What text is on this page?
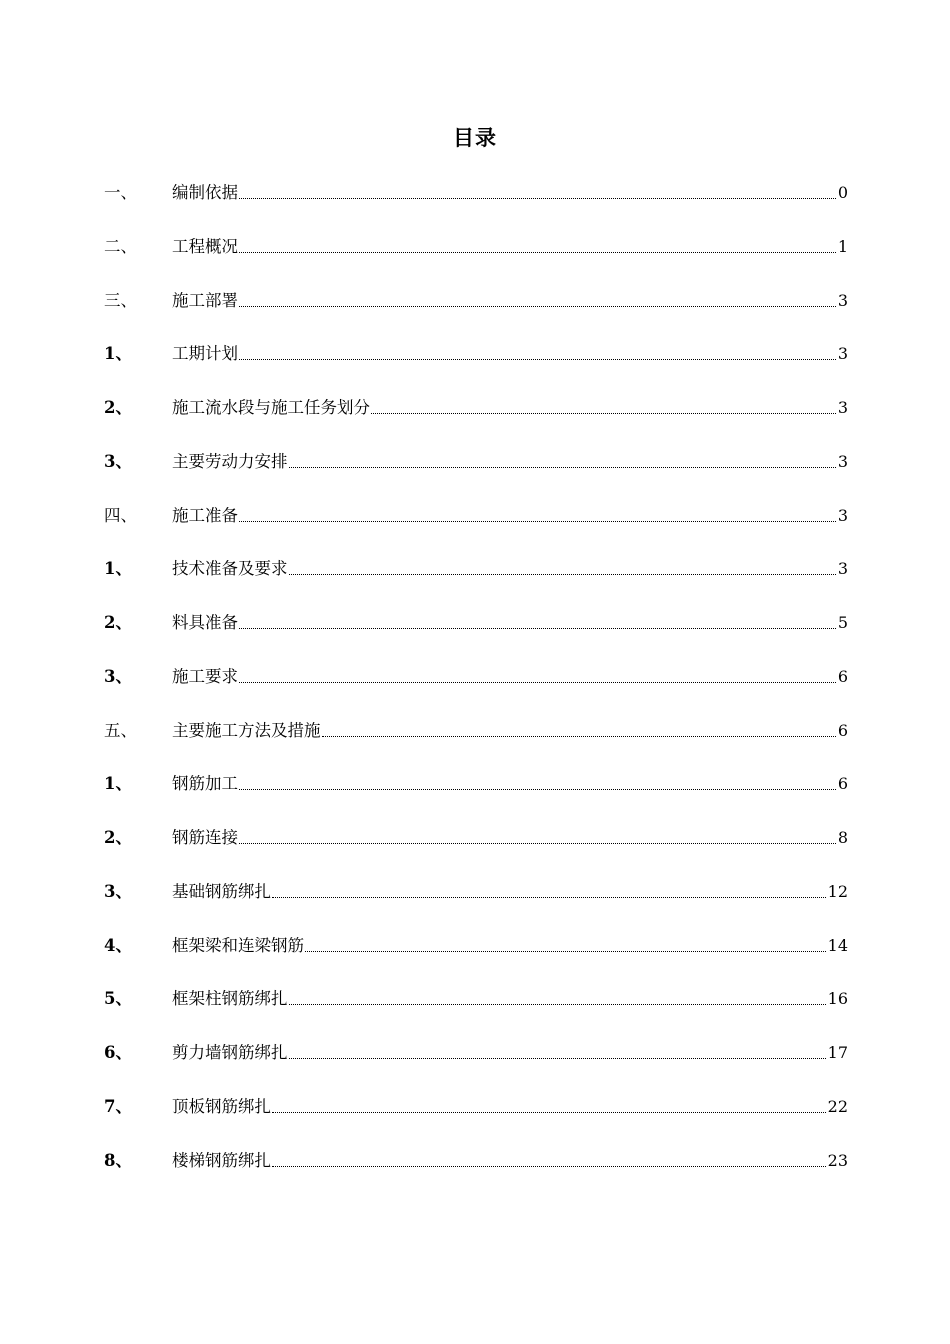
目录
一、	编制依据	0
二、	工程概况	1
三、	施工部署	3
1、	工期计划	3
2、	施工流水段与施工任务划分	3
3、	主要劳动力安排	3
四、	施工准备	3
1、	技术准备及要求	3
2、	料具准备	5
3、	施工要求	6
五、	主要施工方法及措施	6
1、	钢筋加工	6
2、	钢筋连接	8
3、	基础钢筋绑扎	12
4、	框架梁和连梁钢筋	14
5、	框架柱钢筋绑扎	16
6、	剪力墙钢筋绑扎	17
7、	顶板钢筋绑扎	22
8、	楼梯钢筋绑扎	23
